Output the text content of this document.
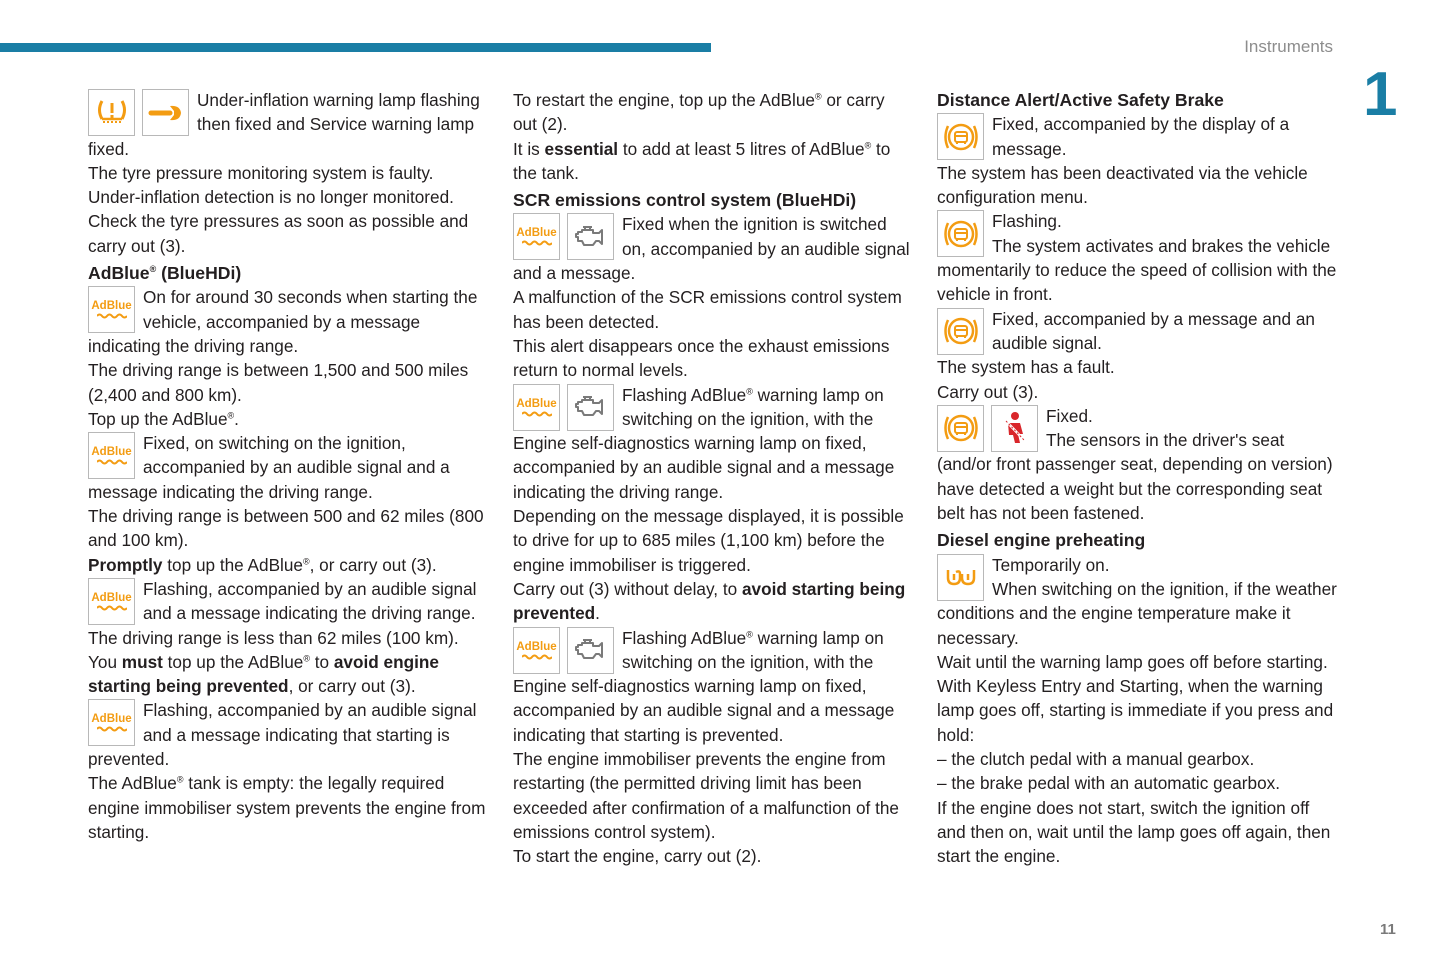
Instruments
1
11

Under-inflation warning lamp flashing then fixed and Service warning lamp fixed.

The tyre pressure monitoring system is faulty.

Under-inflation detection is no longer monitored.

Check the tyre pressures as soon as possible and carry out (3).

AdBlue® (BlueHDi)
AdBlue On for around 30 seconds when starting the vehicle, accompanied by a message indicating the driving range.

The driving range is between 1,500 and 500 miles (2,400 and 800 km).

Top up the AdBlue®.

AdBlue Fixed, on switching on the ignition, accompanied by an audible signal and a message indicating the driving range.

The driving range is between 500 and 62 miles (800 and 100 km).

Promptly top up the AdBlue®, or carry out (3).

AdBlue Flashing, accompanied by an audible signal and a message indicating the driving range.

The driving range is less than 62 miles (100 km).

You must top up the AdBlue® to avoid engine starting being prevented, or carry out (3).

AdBlue Flashing, accompanied by an audible signal and a message indicating that starting is prevented.

The AdBlue® tank is empty: the legally required engine immobiliser system prevents the engine from starting.

To restart the engine, top up the AdBlue® or carry out (2).

It is essential to add at least 5 litres of AdBlue® to the tank.

SCR emissions control system (BlueHDi)
AdBlue	Fixed when the ignition is switched on, accompanied by an audible signal and a message.

A malfunction of the SCR emissions control system has been detected.

This alert disappears once the exhaust emissions return to normal levels.

AdBlue	Flashing AdBlue® warning lamp on switching on the ignition, with the Engine self-diagnostics warning lamp on fixed, accompanied by an audible signal and a message indicating the driving range.

Depending on the message displayed, it is possible to drive for up to 685 miles (1,100 km) before the engine immobiliser is triggered.

Carry out (3) without delay, to avoid starting being prevented.

AdBlue	Flashing AdBlue® warning lamp on switching on the ignition, with the Engine self-diagnostics warning lamp on fixed, accompanied by an audible signal and a message indicating that starting is prevented.

The engine immobiliser prevents the engine from restarting (the permitted driving limit has been exceeded after confirmation of a malfunction of the emissions control system).

To start the engine, carry out (2).

Distance Alert/Active Safety Brake

Fixed, accompanied by the display of a message.

The system has been deactivated via the vehicle configuration menu.

Flashing.

The system activates and brakes the vehicle momentarily to reduce the speed of collision with the vehicle in front.

Fixed, accompanied by a message and an audible signal.

The system has a fault.

Carry out (3).

Fixed.

The sensors in the driver's seat (and/or front passenger seat, depending on version) have detected a weight but the corresponding seat belt has not been fastened.

Diesel engine preheating

Temporarily on.

When switching on the ignition, if the weather conditions and the engine temperature make it necessary.

Wait until the warning lamp goes off before starting.

With Keyless Entry and Starting, when the warning lamp goes off, starting is immediate if you press and hold:

– the clutch pedal with a manual gearbox.

– the brake pedal with an automatic gearbox.

If the engine does not start, switch the ignition off and then on, wait until the lamp goes off again, then start the engine.
